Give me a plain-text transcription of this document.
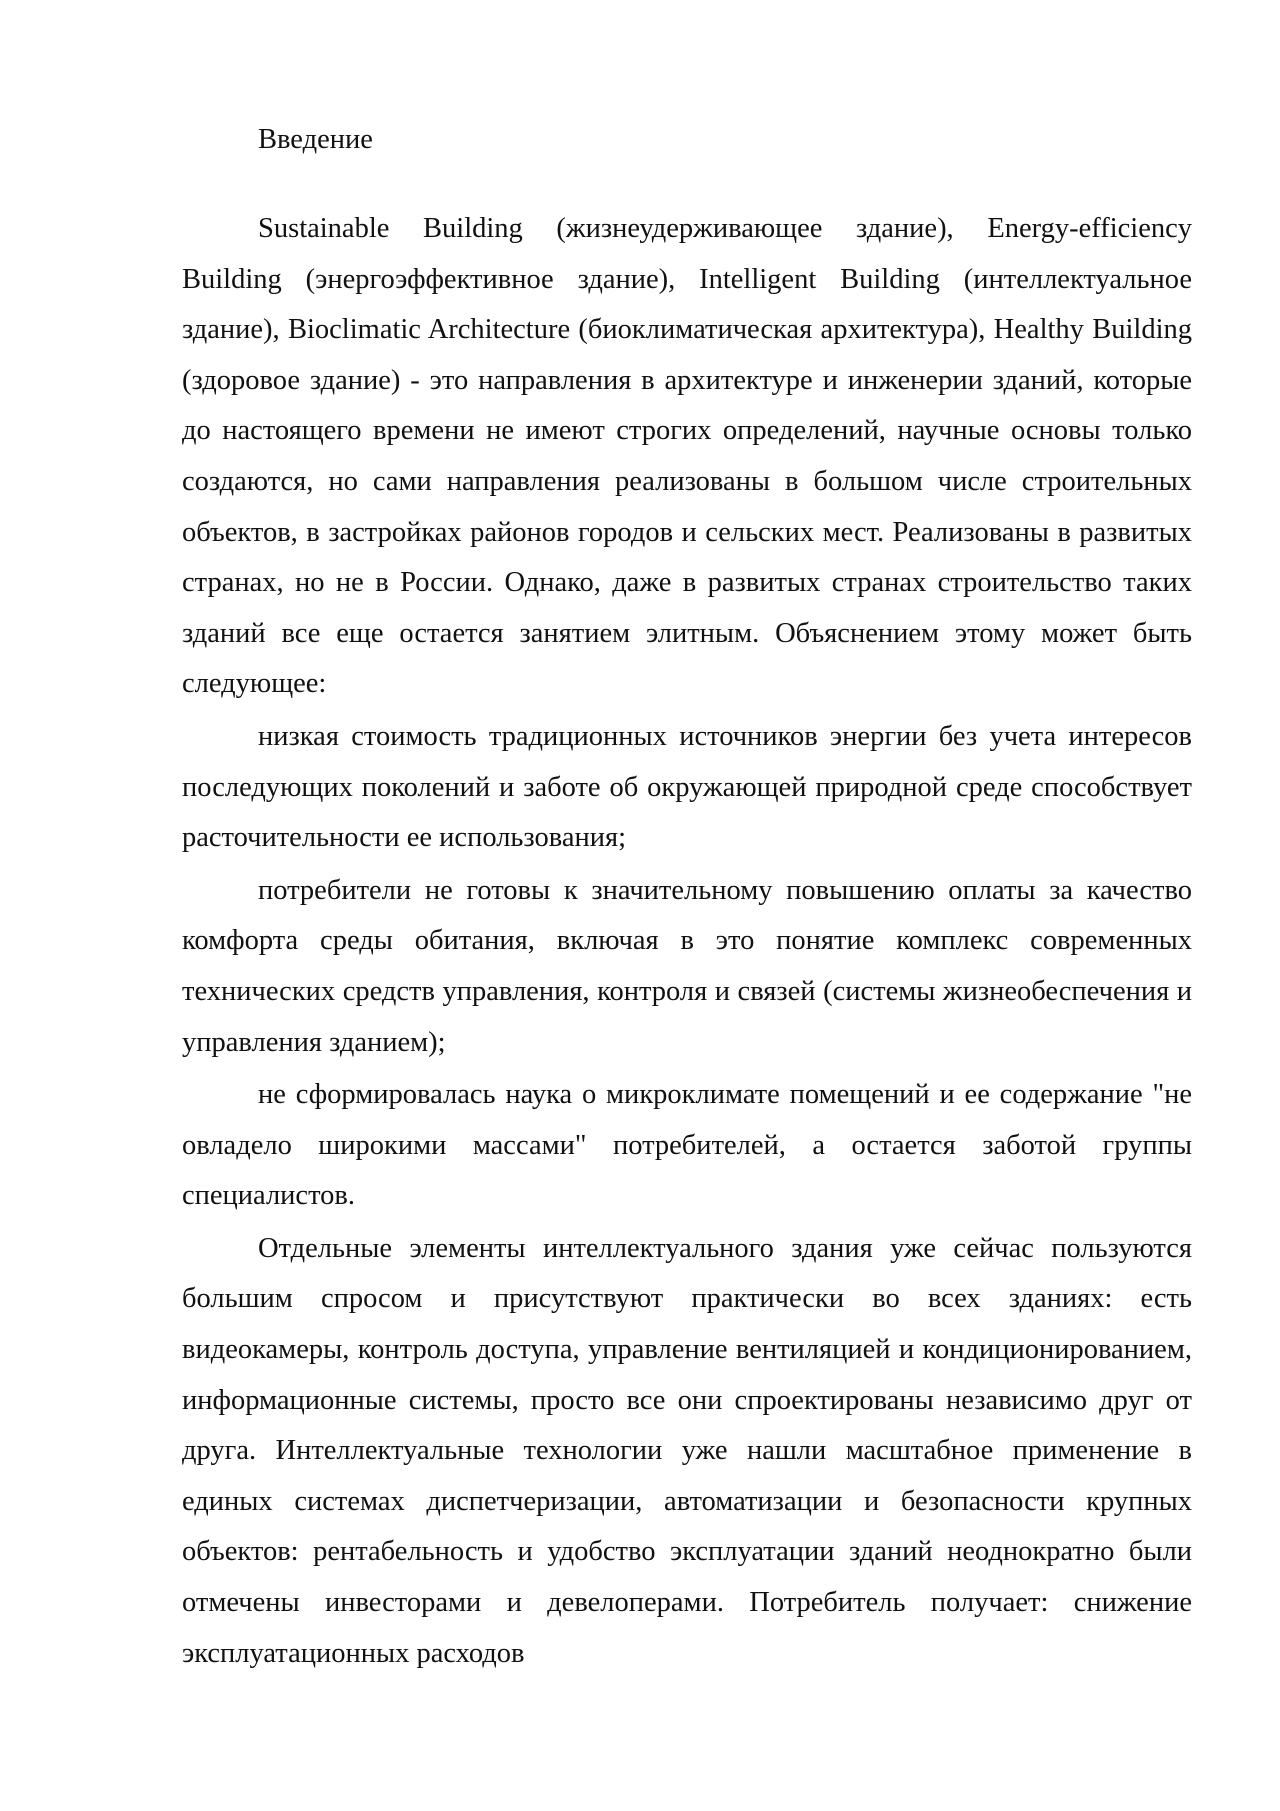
Введение

Sustainable Building (жизнеудерживающее здание), Energy-efficiency Building (энергоэффективное здание), Intelligent Building (интеллектуальное здание), Bioclimatic Architecture (биоклиматическая архитектура), Healthy Building (здоровое здание) - это направления в архитектуре и инженерии зданий, которые до настоящего времени не имеют строгих определений, научные основы только создаются, но сами направления реализованы в большом числе строительных объектов, в застройках районов городов и сельских мест. Реализованы в развитых странах, но не в России. Однако, даже в развитых странах строительство таких зданий все еще остается занятием элитным. Объяснением этому может быть следующее:

низкая стоимость традиционных источников энергии без учета интересов последующих поколений и заботе об окружающей природной среде способствует расточительности ее использования;

потребители не готовы к значительному повышению оплаты за качество комфорта среды обитания, включая в это понятие комплекс современных технических средств управления, контроля и связей (системы жизнеобеспечения и управления зданием);

не сформировалась наука о микроклимате помещений и ее содержание "не овладело широкими массами" потребителей, а остается заботой группы специалистов.

Отдельные элементы интеллектуального здания уже сейчас пользуются большим спросом и присутствуют практически во всех зданиях: есть видеокамеры, контроль доступа, управление вентиляцией и кондиционированием, информационные системы, просто все они спроектированы независимо друг от друга. Интеллектуальные технологии уже нашли масштабное применение в единых системах диспетчеризации, автоматизации и безопасности крупных объектов: рентабельность и удобство эксплуатации зданий неоднократно были отмечены инвесторами и девелоперами. Потребитель получает: снижение эксплуатационных расходов
